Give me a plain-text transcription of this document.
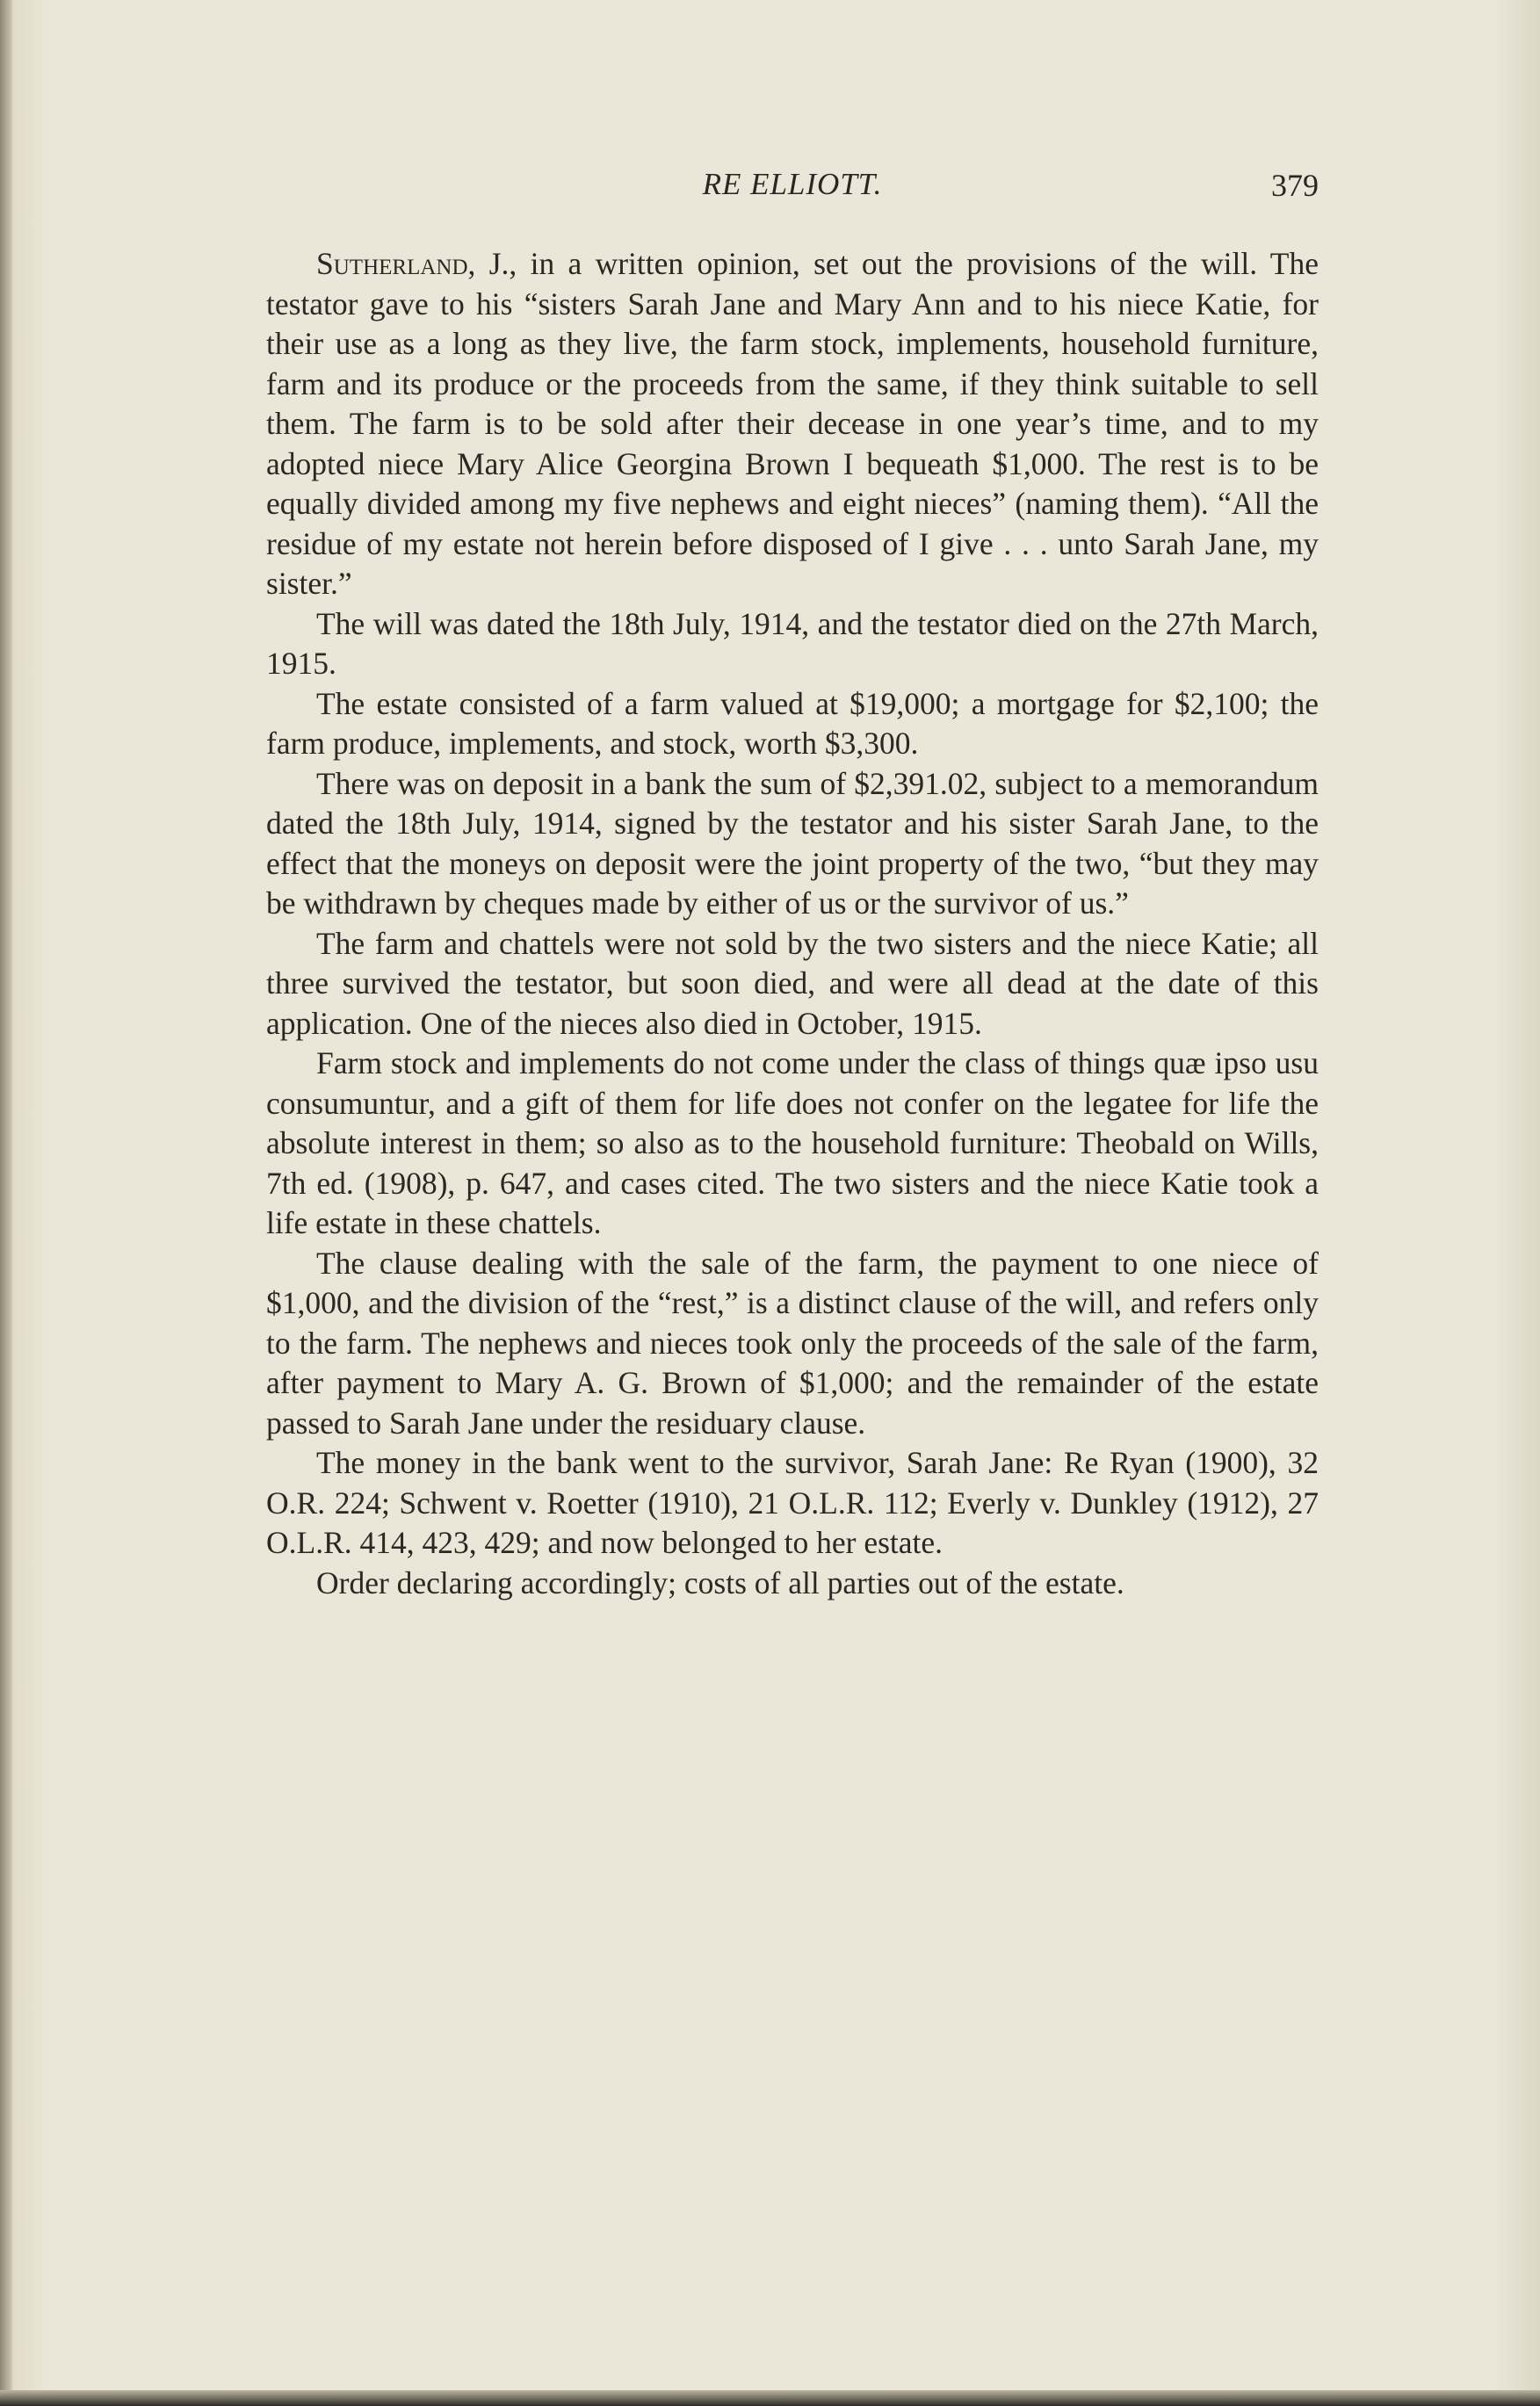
RE ELLIOTT.	379

Sutherland, J., in a written opinion, set out the provisions of the will. The testator gave to his “sisters Sarah Jane and Mary Ann and to his niece Katie, for their use as a long as they live, the farm stock, implements, household furniture, farm and its produce or the proceeds from the same, if they think suitable to sell them. The farm is to be sold after their decease in one year’s time, and to my adopted niece Mary Alice Georgina Brown I bequeath $1,000. The rest is to be equally divided among my five nephews and eight nieces” (naming them). “All the residue of my estate not herein before disposed of I give . . . unto Sarah Jane, my sister.”

The will was dated the 18th July, 1914, and the testator died on the 27th March, 1915.

The estate consisted of a farm valued at $19,000; a mortgage for $2,100; the farm produce, implements, and stock, worth $3,300.

There was on deposit in a bank the sum of $2,391.02, subject to a memorandum dated the 18th July, 1914, signed by the testator and his sister Sarah Jane, to the effect that the moneys on deposit were the joint property of the two, “but they may be withdrawn by cheques made by either of us or the survivor of us.”

The farm and chattels were not sold by the two sisters and the niece Katie; all three survived the testator, but soon died, and were all dead at the date of this application. One of the nieces also died in October, 1915.

Farm stock and implements do not come under the class of things quæ ipso usu consumuntur, and a gift of them for life does not confer on the legatee for life the absolute interest in them; so also as to the household furniture: Theobald on Wills, 7th ed. (1908), p. 647, and cases cited. The two sisters and the niece Katie took a life estate in these chattels.

The clause dealing with the sale of the farm, the payment to one niece of $1,000, and the division of the “rest,” is a distinct clause of the will, and refers only to the farm. The nephews and nieces took only the proceeds of the sale of the farm, after payment to Mary A. G. Brown of $1,000; and the remainder of the estate passed to Sarah Jane under the residuary clause.

The money in the bank went to the survivor, Sarah Jane: Re Ryan (1900), 32 O.R. 224; Schwent v. Roetter (1910), 21 O.L.R. 112; Everly v. Dunkley (1912), 27 O.L.R. 414, 423, 429; and now belonged to her estate.

Order declaring accordingly; costs of all parties out of the estate.
